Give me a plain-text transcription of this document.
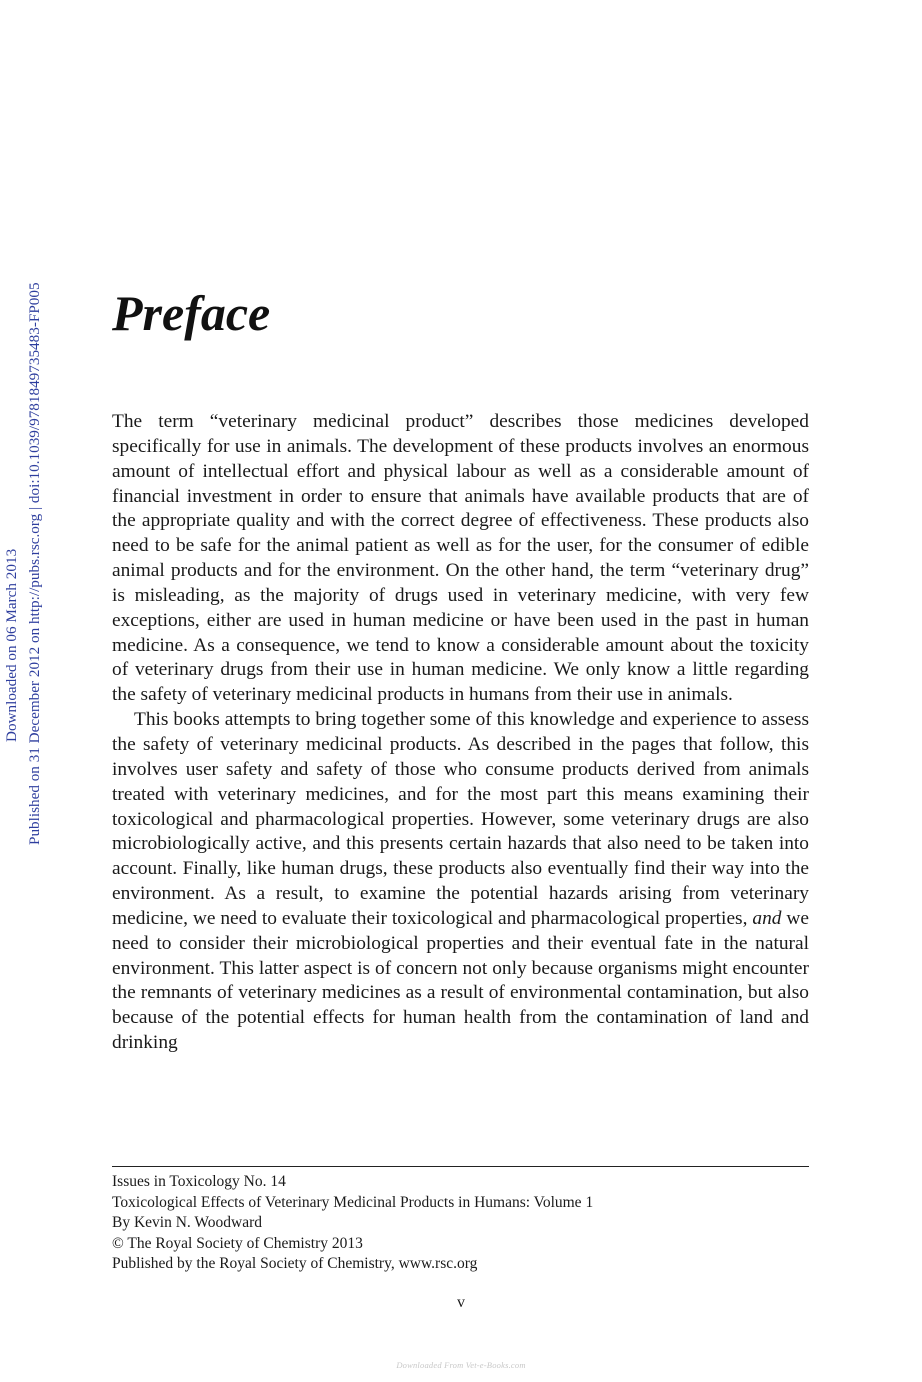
Downloaded on 06 March 2013 Published on 31 December 2012 on http://pubs.rsc.org | doi:10.1039/9781849735483-FP005 Preface

The term “veterinary medicinal product” describes those medicines developed specifically for use in animals. The development of these products involves an enormous amount of intellectual effort and physical labour as well as a considerable amount of financial investment in order to ensure that animals have available products that are of the appropriate quality and with the correct degree of effectiveness. These products also need to be safe for the animal patient as well as for the user, for the consumer of edible animal products and for the environment. On the other hand, the term “veterinary drug” is misleading, as the majority of drugs used in veterinary medicine, with very few exceptions, either are used in human medicine or have been used in the past in human medicine. As a consequence, we tend to know a considerable amount about the toxicity of veterinary drugs from their use in human medicine. We only know a little regarding the safety of veterinary medicinal products in humans from their use in animals.

This books attempts to bring together some of this knowledge and experience to assess the safety of veterinary medicinal products. As described in the pages that follow, this involves user safety and safety of those who consume products derived from animals treated with veterinary medicines, and for the most part this means examining their toxicological and pharmacological properties. However, some veterinary drugs are also microbiologically active, and this presents certain hazards that also need to be taken into account. Finally, like human drugs, these products also eventually find their way into the environment. As a result, to examine the potential hazards arising from veterinary medicine, we need to evaluate their toxicological and pharmacological properties, and we need to consider their microbiological properties and their eventual fate in the natural environment. This latter aspect is of concern not only because organisms might encounter the remnants of veterinary medicines as a result of environmental contamination, but also because of the potential effects for human health from the contamination of land and drinking

Issues in Toxicology No. 14
Toxicological Effects of Veterinary Medicinal Products in Humans: Volume 1
By Kevin N. Woodward
© The Royal Society of Chemistry 2013
Published by the Royal Society of Chemistry, www.rsc.org
v
Downloaded From Vet-e-Books.com
